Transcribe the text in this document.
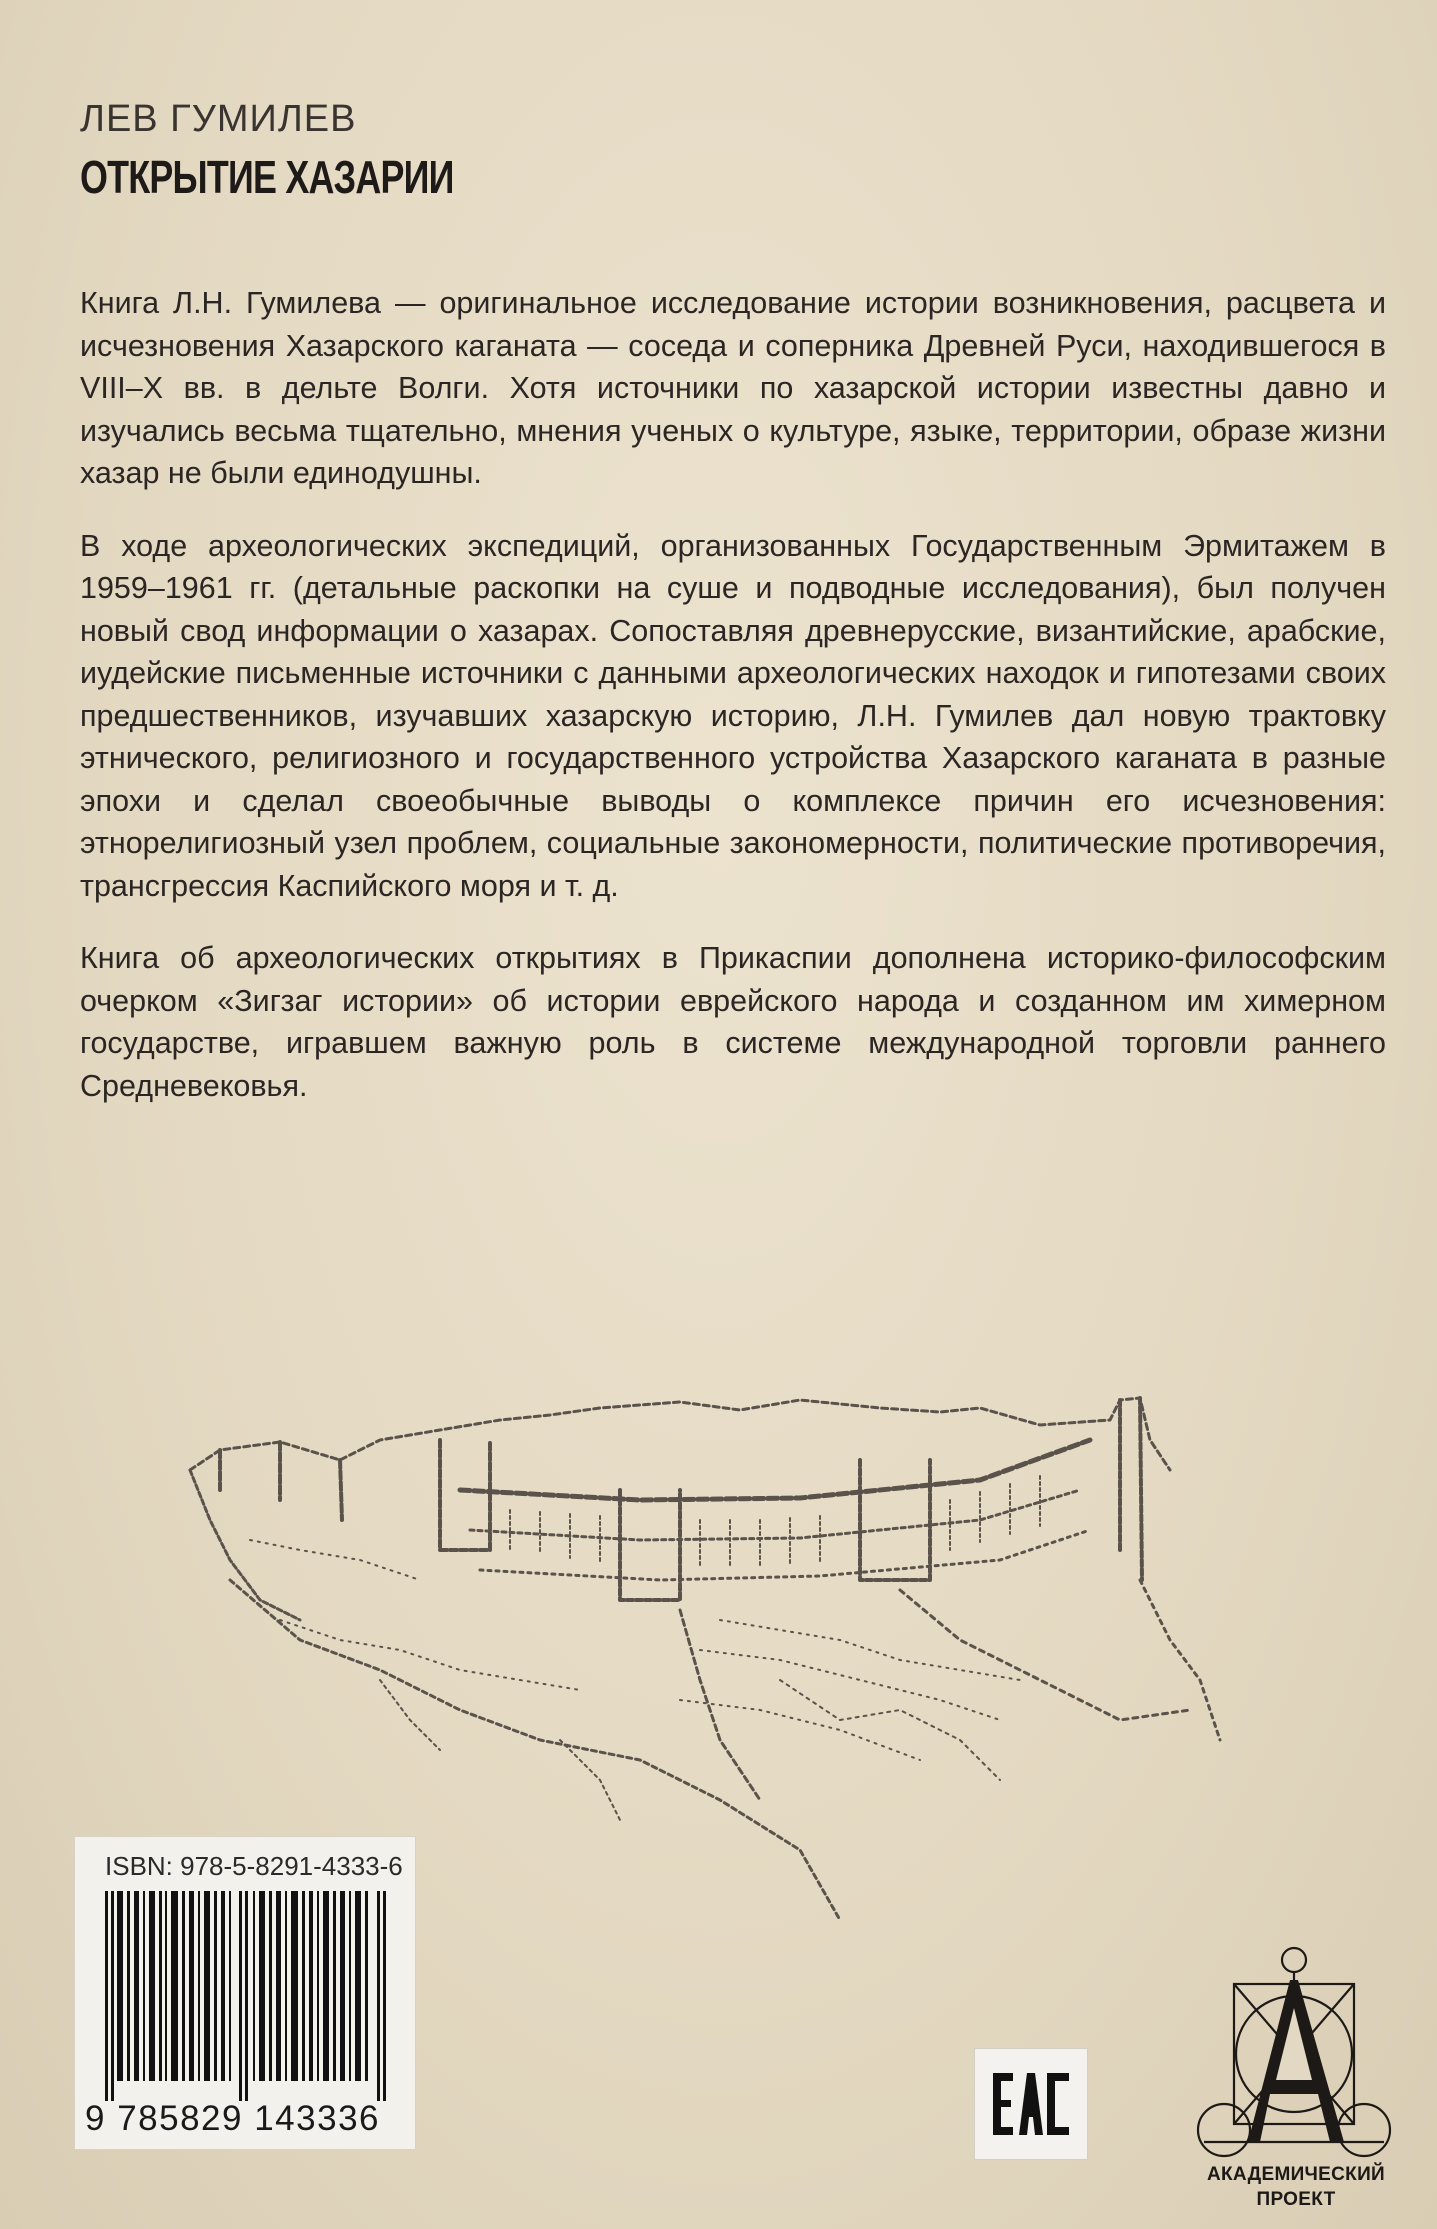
ЛЕВ ГУМИЛЕВ
ОТКРЫТИЕ ХАЗАРИИ

Книга Л.Н. Гумилева — оригинальное исследование истории возникновения, расцвета и исчезновения Хазарского каганата — соседа и соперника Древней Руси, находившегося в VIII–X вв. в дельте Волги. Хотя источники по хазарской истории известны давно и изучались весьма тщательно, мнения ученых о культуре, языке, территории, образе жизни хазар не были единодушны.

В ходе археологических экспедиций, организованных Государственным Эрмитажем в 1959–1961 гг. (детальные раскопки на суше и подводные исследования), был получен новый свод информации о хазарах. Сопоставляя древнерусские, византийские, арабские, иудейские письменные источники с данными археологических находок и гипотезами своих предшественников, изучавших хазарскую историю, Л.Н. Гумилев дал новую трактовку этнического, религиозного и государственного устройства Хазарского каганата в разные эпохи и сделал своеобычные выводы о комплексе причин его исчезновения: этнорелигиозный узел проблем, социальные закономерности, политические противоречия, трансгрессия Каспийского моря и т. д.

Книга об археологических открытиях в Прикаспии дополнена историко-философским очерком «Зигзаг истории» об истории еврейского народа и созданном им химерном государстве, игравшем важную роль в системе международной торговли раннего Средневековья.

ISBN: 978-5-8291-4333-6
9 785829 143336
АКАДЕМИЧЕСКИЙ
ПРОЕКТ
